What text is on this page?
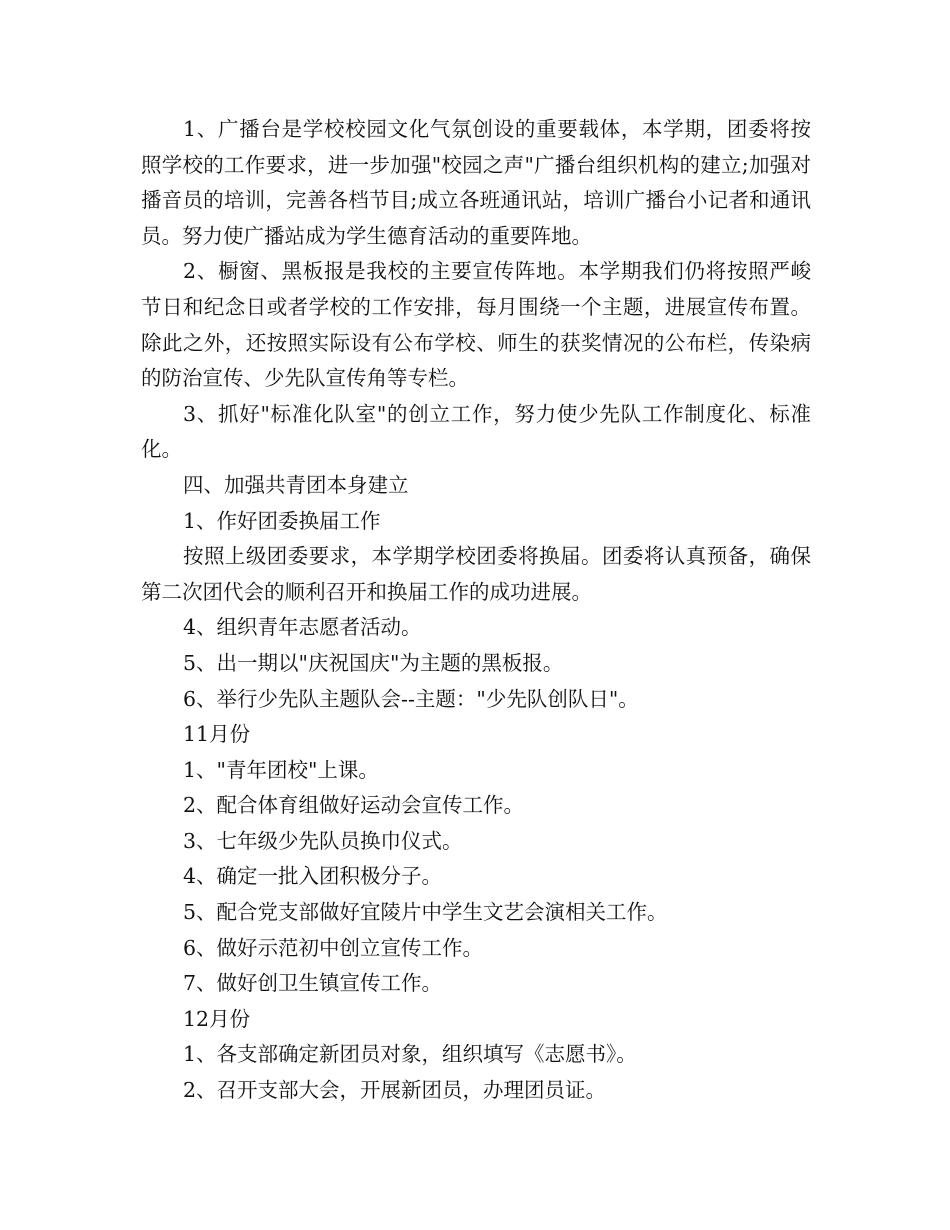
1、广播台是学校校园文化气氛创设的重要载体，本学期，团委将按照学校的工作要求，进一步加强"校园之声"广播台组织机构的建立;加强对播音员的培训，完善各档节目;成立各班通讯站，培训广播台小记者和通讯员。努力使广播站成为学生德育活动的重要阵地。

2、橱窗、黑板报是我校的主要宣传阵地。本学期我们仍将按照严峻节日和纪念日或者学校的工作安排，每月围绕一个主题，进展宣传布置。除此之外，还按照实际设有公布学校、师生的获奖情况的公布栏，传染病的防治宣传、少先队宣传角等专栏。

3、抓好"标准化队室"的创立工作，努力使少先队工作制度化、标准化。

四、加强共青团本身建立

1、作好团委换届工作

按照上级团委要求，本学期学校团委将换届。团委将认真预备，确保第二次团代会的顺利召开和换届工作的成功进展。

4、组织青年志愿者活动。

5、出一期以"庆祝国庆"为主题的黑板报。

6、举行少先队主题队会--主题："少先队创队日"。

11月份

1、"青年团校"上课。

2、配合体育组做好运动会宣传工作。

3、七年级少先队员换巾仪式。

4、确定一批入团积极分子。

5、配合党支部做好宜陵片中学生文艺会演相关工作。

6、做好示范初中创立宣传工作。

7、做好创卫生镇宣传工作。

12月份

1、各支部确定新团员对象，组织填写《志愿书》。

2、召开支部大会，开展新团员，办理团员证。
